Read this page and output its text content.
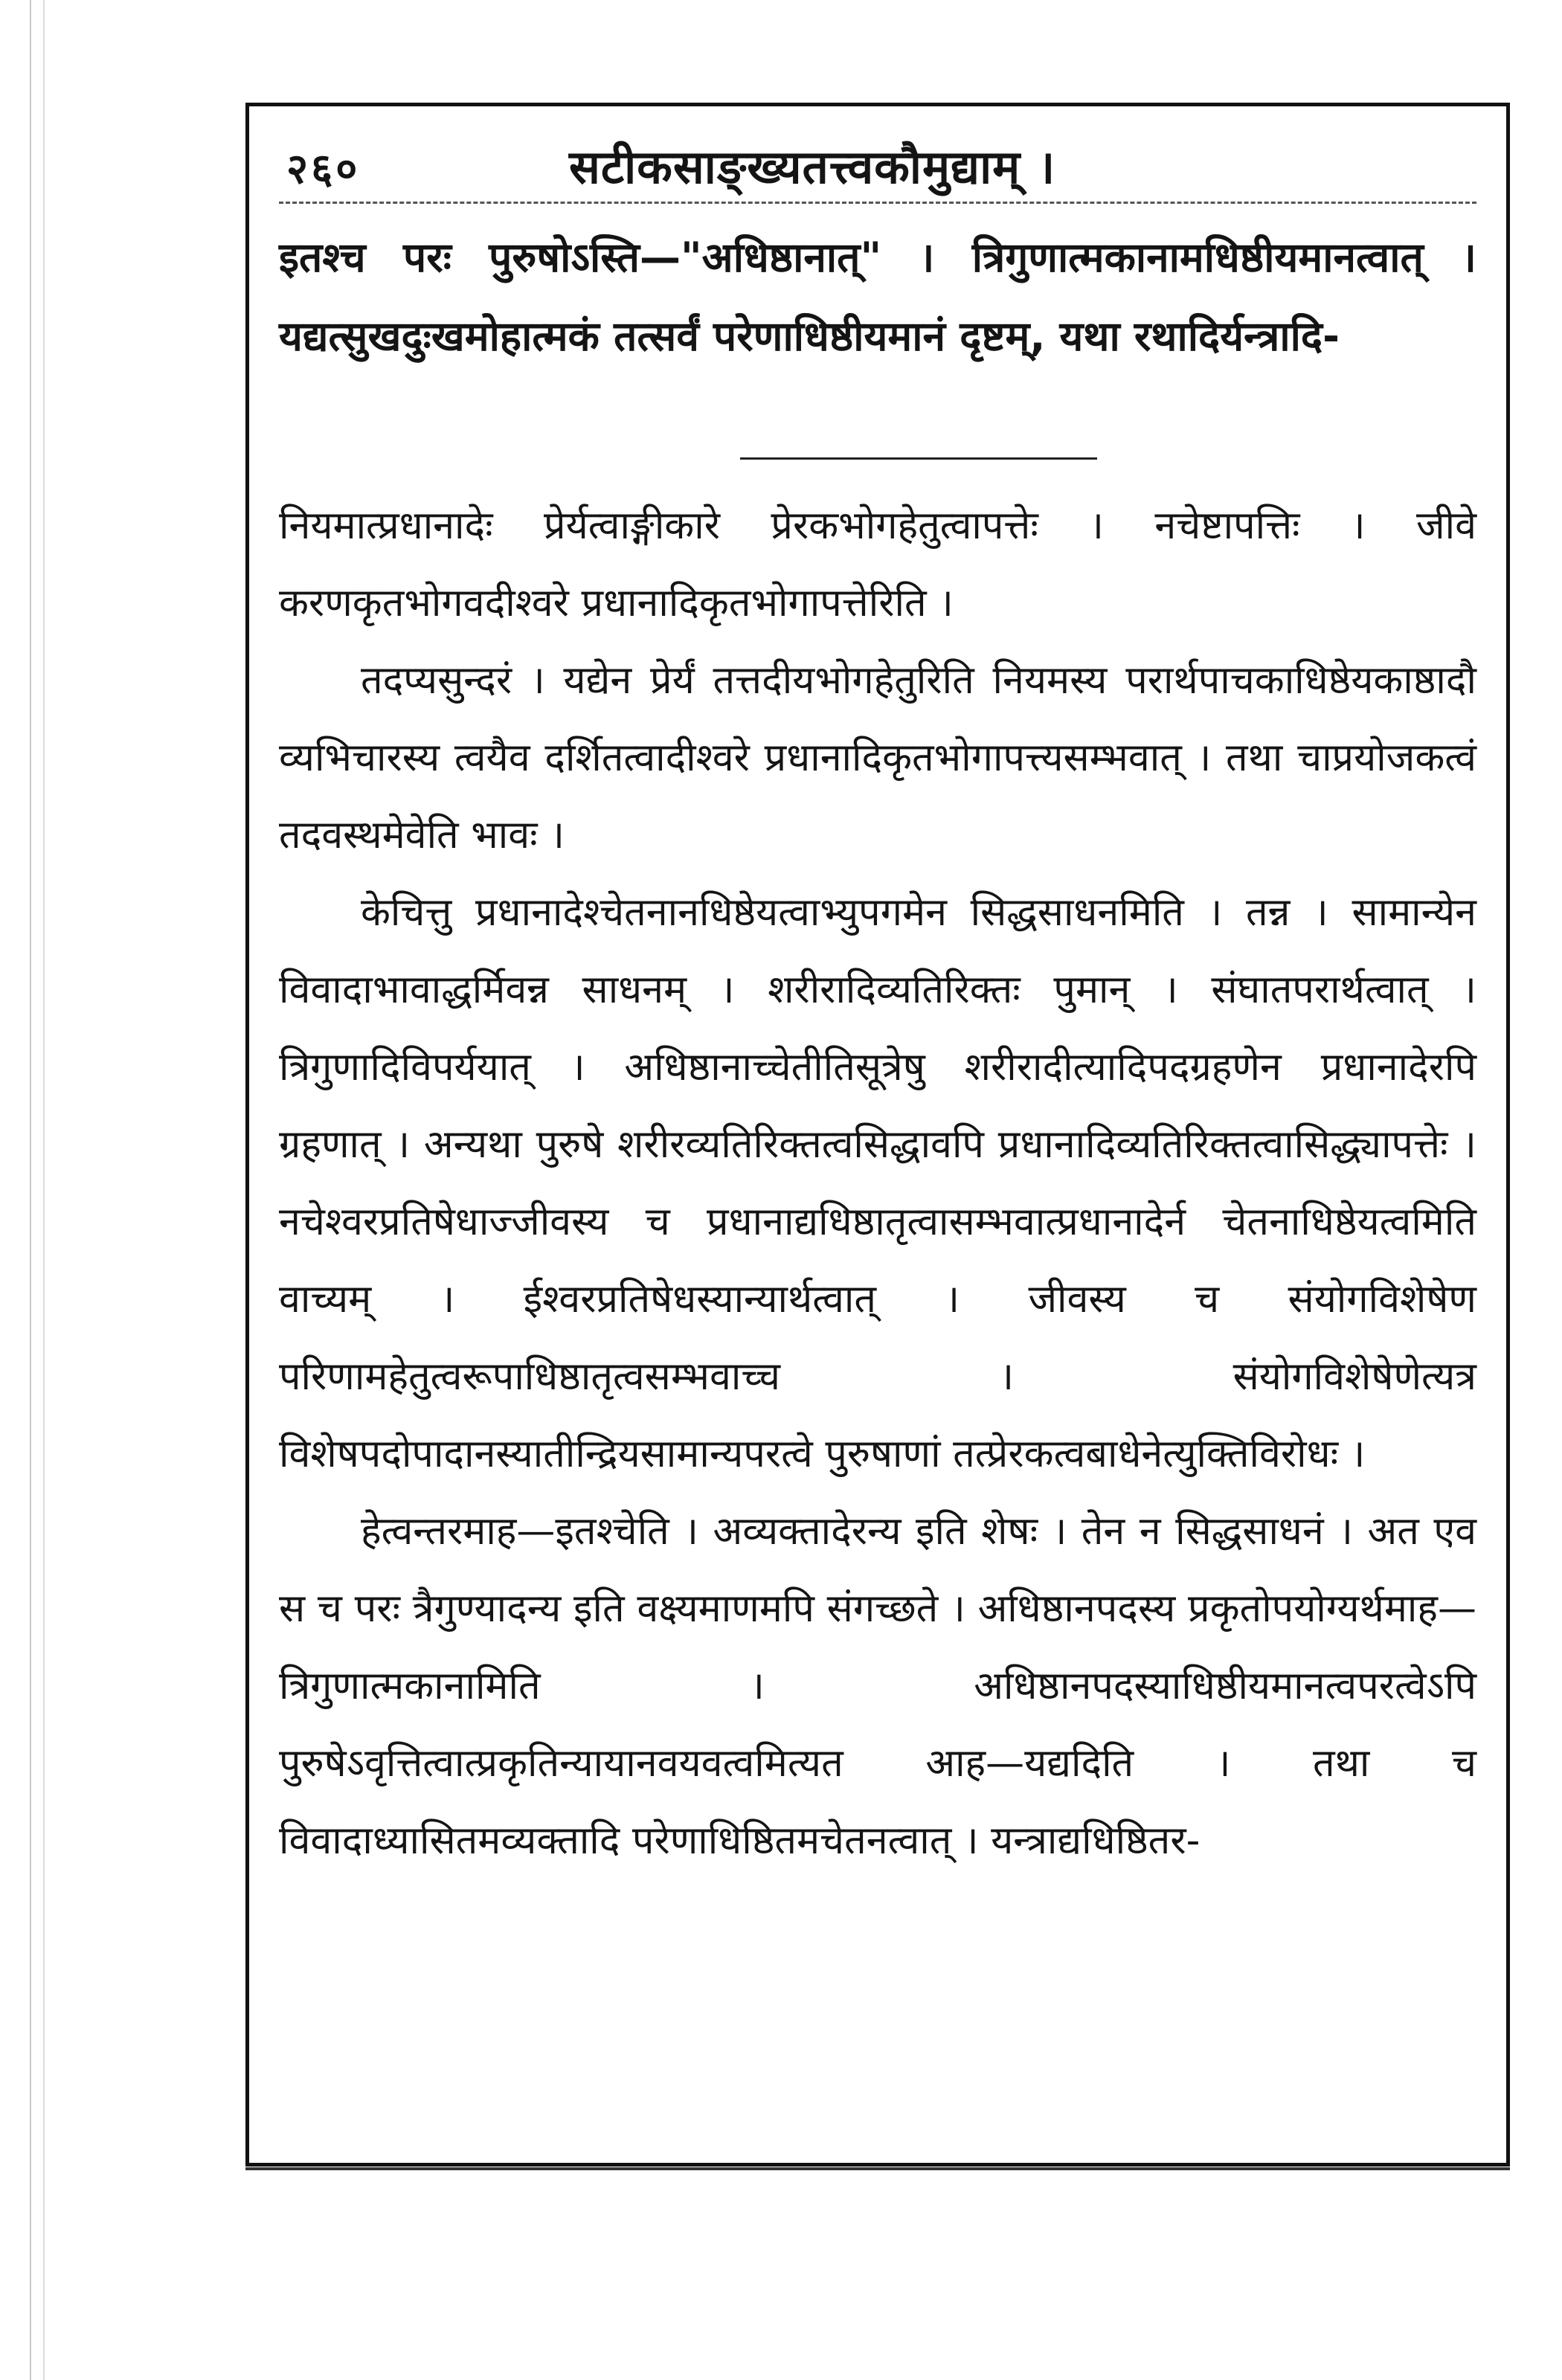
२६०	सटीकसाङ्ख्यतत्त्वकौमुद्याम् ।
इतश्च परः पुरुषोऽस्ति—"अधिष्ठानात्" । त्रिगुणात्मकानामधिष्ठीयमानत्वात् । यद्यत्सुखदुःखमोहात्मकं तत्सर्वं परेणाधिष्ठीयमानं दृष्टम्, यथा रथादिर्यन्त्रादि-

नियमात्प्रधानादेः प्रेर्यत्वाङ्गीकारे प्रेरकभोगहेतुत्वापत्तेः । नचेष्टापत्तिः । जीवे करणकृतभोगवदीश्वरे प्रधानादिकृतभोगापत्तेरिति ।

तदप्यसुन्दरं । यद्येन प्रेर्यं तत्तदीयभोगहेतुरिति नियमस्य परार्थपाचकाधिष्ठेयकाष्ठादौ व्यभिचारस्य त्वयैव दर्शितत्वादीश्वरे प्रधानादिकृतभोगापत्त्यसम्भवात् । तथा चाप्रयोजकत्वं तदवस्थमेवेति भावः ।

केचित्तु प्रधानादेश्चेतनानधिष्ठेयत्वाभ्युपगमेन सिद्धसाधनमिति । तन्न । सामान्येन विवादाभावाद्धर्मिवन्न साधनम् । शरीरादिव्यतिरिक्तः पुमान् । संघातपरार्थत्वात् । त्रिगुणादिविपर्ययात् । अधिष्ठानाच्चेतीतिसूत्रेषु शरीरादीत्यादिपदग्रहणेन प्रधानादेरपि ग्रहणात् । अन्यथा पुरुषे शरीरव्यतिरिक्तत्वसिद्धावपि प्रधानादिव्यतिरिक्तत्वासिद्ध्यापत्तेः । नचेश्वरप्रतिषेधाज्जीवस्य च प्रधानाद्यधिष्ठातृत्वासम्भवात्प्रधानादेर्न चेतनाधिष्ठेयत्वमिति वाच्यम् । ईश्वरप्रतिषेधस्यान्यार्थत्वात् । जीवस्य च संयोगविशेषेण परिणामहेतुत्वरूपाधिष्ठातृत्वसम्भवाच्च । संयोगविशेषेणेत्यत्र विशेषपदोपादानस्यातीन्द्रियसामान्यपरत्वे पुरुषाणां तत्प्रेरकत्वबाधेनेत्युक्तिविरोधः ।

हेत्वन्तरमाह—इतश्चेति । अव्यक्तादेरन्य इति शेषः । तेन न सिद्धसाधनं । अत एव स च परः त्रैगुण्यादन्य इति वक्ष्यमाणमपि संगच्छते । अधिष्ठानपदस्य प्रकृतोपयोग्यर्थमाह—त्रिगुणात्मकानामिति । अधिष्ठानपदस्याधिष्ठीयमानत्वपरत्वेऽपि पुरुषेऽवृत्तित्वात्प्रकृतिन्यायानवयवत्वमित्यत आह—यद्यदिति । तथा च विवादाध्यासितमव्यक्तादि परेणाधिष्ठितमचेतनत्वात् । यन्त्राद्यधिष्ठितर-
